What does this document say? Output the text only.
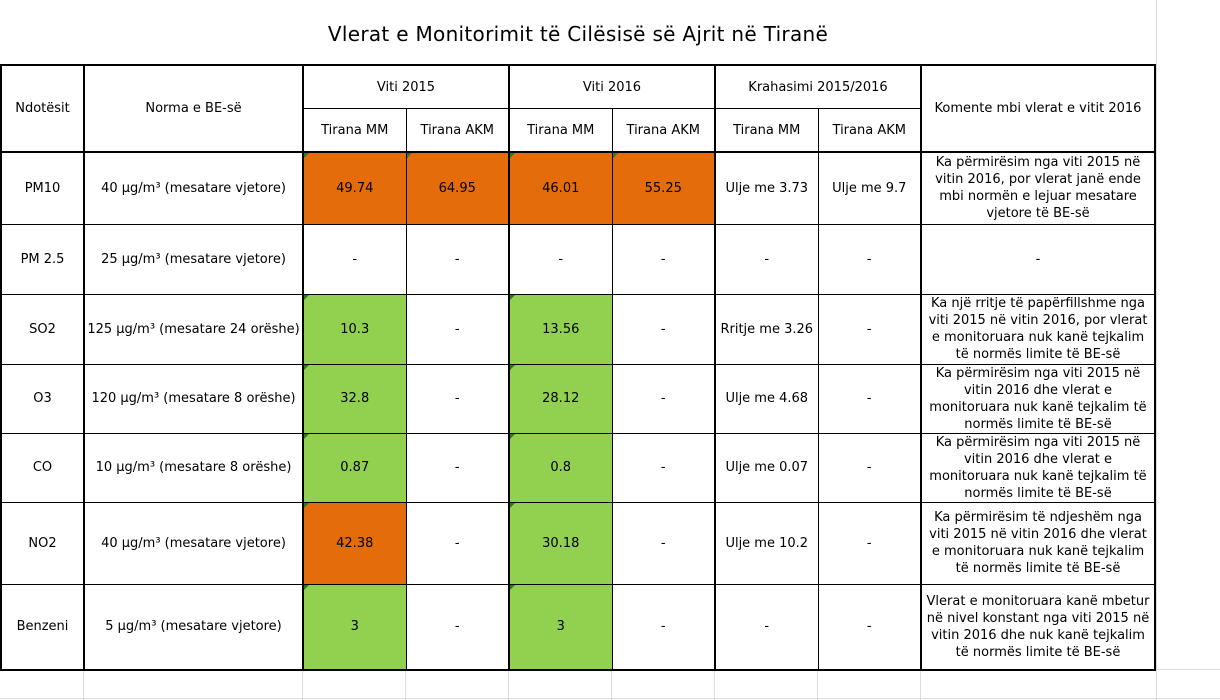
Vlerat e Monitorimit të Cilësisë së Ajrit në Tiranë
Ndotësit	Norma e BE-së	Viti 2015		Viti 2016		Krahasimi 2015/2016		Komente mbi vlerat e vitit 2016
		Tirana MM	Tirana AKM	Tirana MM	Tirana AKM	Tirana MM	Tirana AKM	
PM10	40 µg/m³ (mesatare vjetore)	49.74	64.95	46.01	55.25	Ulje me 3.73	Ulje me 9.7	Ka përmirësim nga viti 2015 në vitin 2016, por vlerat janë ende mbi normën e lejuar mesatare vjetore të BE-së
PM 2.5	25 µg/m³ (mesatare vjetore)	-	-	-	-	-	-	-
SO2	125 µg/m³ (mesatare 24 orëshe)	10.3	-	13.56	-	Rritje me 3.26	-	Ka një rritje të papërfillshme nga viti 2015 në vitin 2016, por vlerat e monitoruara nuk kanë tejkalim të normës limite të BE-së
O3	120 µg/m³ (mesatare 8 orëshe)	32.8	-	28.12	-	Ulje me 4.68	-	Ka përmirësim nga viti 2015 në vitin 2016 dhe vlerat e monitoruara nuk kanë tejkalim të normës limite të BE-së
CO	10 µg/m³ (mesatare 8 orëshe)	0.87	-	0.8	-	Ulje me 0.07	-	Ka përmirësim nga viti 2015 në vitin 2016 dhe vlerat e monitoruara nuk kanë tejkalim të normës limite të BE-së
NO2	40 µg/m³ (mesatare vjetore)	42.38	-	30.18	-	Ulje me 10.2	-	Ka përmirësim të ndjeshëm nga viti 2015 në vitin 2016 dhe vlerat e monitoruara nuk kanë tejkalim të normës limite të BE-së
Benzeni	5 µg/m³ (mesatare vjetore)	3	-	3	-	-	-	Vlerat e monitoruara kanë mbetur në nivel konstant nga viti 2015 në vitin 2016 dhe nuk kanë tejkalim të normës limite të BE-së
